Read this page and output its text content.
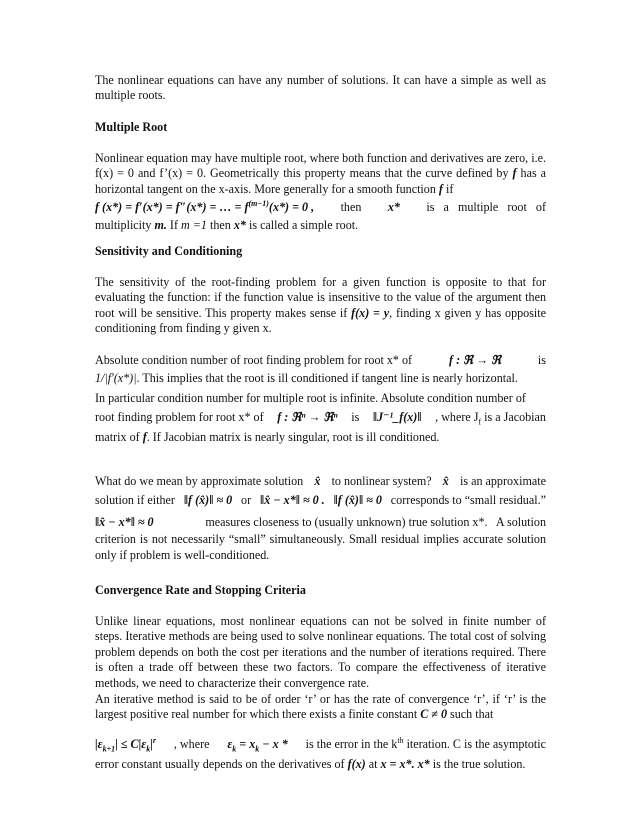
The nonlinear equations can have any number of solutions. It can have a simple as well as multiple roots.

Multiple Root

Nonlinear equation may have multiple root, where both function and derivatives are zero, i.e. f(x) = 0 and f’(x) = 0. Geometrically this property means that the curve defined by f has a horizontal tangent on the x-axis. More generally for a smooth function f if
f (x*) = f′(x*) = f″(x*) = … = $f^{(m-1)}(x*) = 0$ , then x* is   a   multiple   root   of
multiplicity m. If m =1 then x* is called a simple root.

Sensitivity and Conditioning

The sensitivity of the root-finding problem for a given function is opposite to that for evaluating the function: if the function value is insensitive to the value of the argument then root will be sensitive. This property makes sense if f(x) = y, finding x given y has opposite conditioning from finding y given x.

Absolute condition number of root finding problem for root x* of	f : ℜ → ℜ	is
1/|f′(x*)|. This implies that the root is ill conditioned if tangent line is nearly horizontal.
In particular condition number for multiple root is infinite. Absolute condition number of
root finding problem for root x* of f : ℜⁿ → ℜⁿ is ‖J⁻¹_f(x)‖ , where $J_f$ is a Jacobian
matrix of f. If Jacobian matrix is nearly singular, root is ill conditioned.
What do we mean by approximate solution x̂ to nonlinear system? x̂ is an approximate
solution if either ‖f (x̂)‖ ≈ 0 or ‖x̂ − x*‖ ≈ 0 . ‖f (x̂)‖ ≈ 0 corresponds to “small residual.”
‖x̂ − x*‖ ≈ 0	measures closeness to (usually unknown) true solution x*.   A solution
criterion is not necessarily “small” simultaneously. Small residual implies accurate solution only if problem is well-conditioned.

Convergence Rate and Stopping Criteria

Unlike linear equations, most nonlinear equations can not be solved in finite number of steps. Iterative methods are being used to solve nonlinear equations. The total cost of solving problem depends on both the cost per iterations and the number of iterations required. There is often a trade off between these two factors. To compare the effectiveness of iterative methods, we need to characterize their convergence rate.

An iterative method is said to be of order ‘r’ or has the rate of convergence ‘r’, if ‘r’ is the largest positive real number for which there exists a finite constant C ≠ 0 such that

$|\varepsilon_{k+1}| \le C|\varepsilon_k|^r$ , where $\varepsilon_k = x_k - x$ * is the error in the $k^{th}$ iteration. C is the asymptotic
error constant usually depends on the derivatives of f(x) at x = x*. x* is the true solution.
